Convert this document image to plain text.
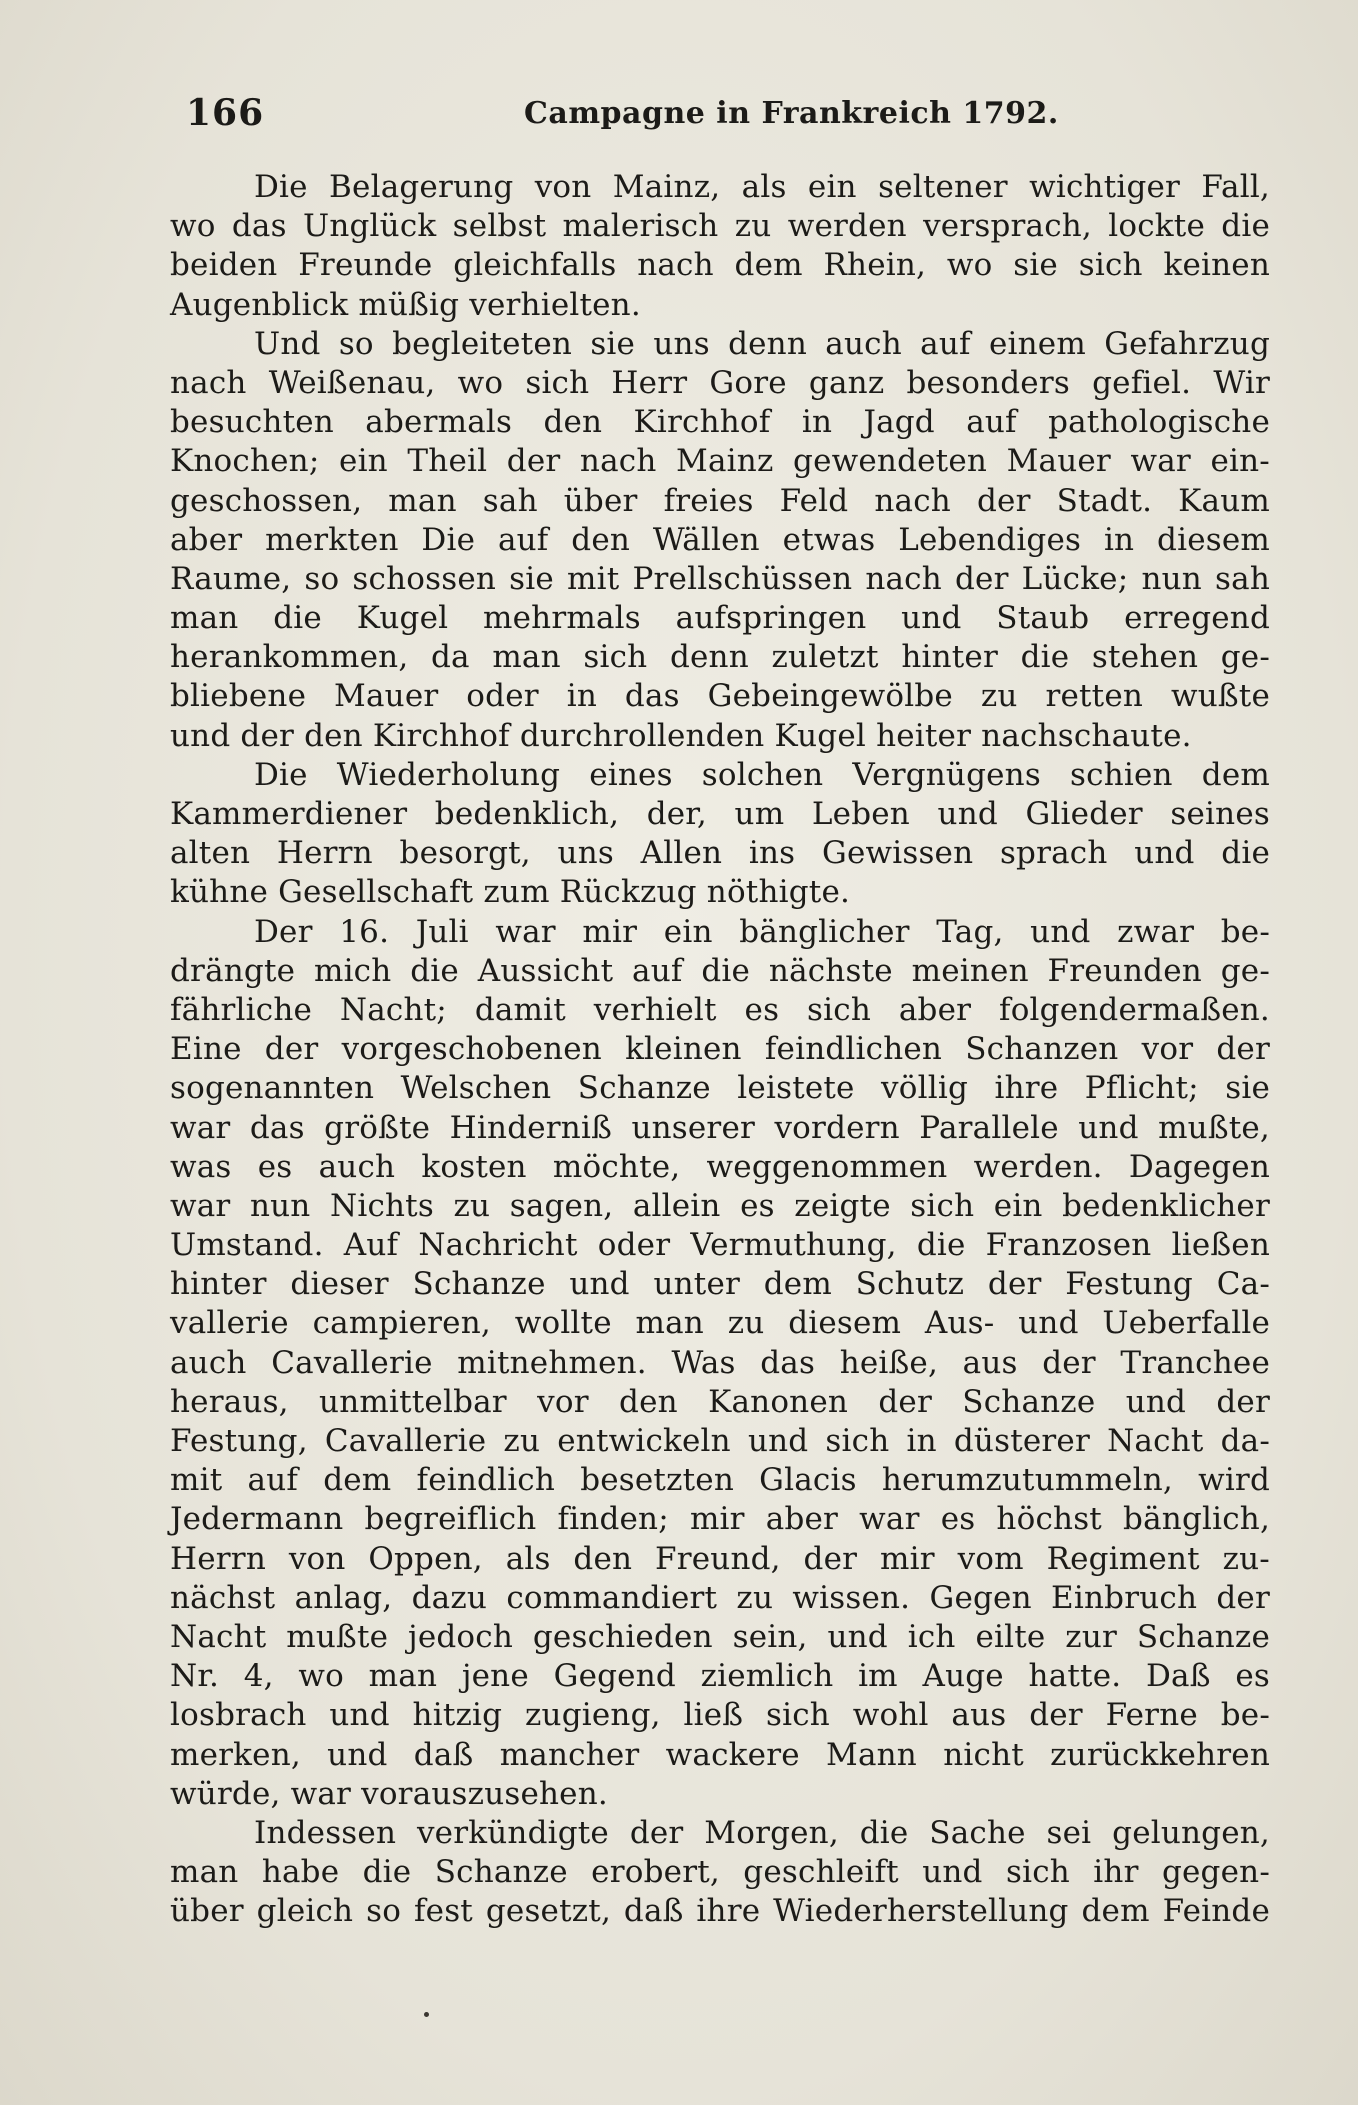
166	Campagne in Frankreich 1792.
Die Belagerung von Mainz, als ein seltener wichtiger Fall,
wo das Unglück selbst malerisch zu werden versprach, lockte die
beiden Freunde gleichfalls nach dem Rhein, wo sie sich keinen
Augenblick müßig verhielten.
Und so begleiteten sie uns denn auch auf einem Gefahrzug
nach Weißenau, wo sich Herr Gore ganz besonders gefiel. Wir
besuchten abermals den Kirchhof in Jagd auf pathologische
Knochen; ein Theil der nach Mainz gewendeten Mauer war ein-
geschossen, man sah über freies Feld nach der Stadt. Kaum
aber merkten Die auf den Wällen etwas Lebendiges in diesem
Raume, so schossen sie mit Prellschüssen nach der Lücke; nun sah
man die Kugel mehrmals aufspringen und Staub erregend
herankommen, da man sich denn zuletzt hinter die stehen ge-
bliebene Mauer oder in das Gebeingewölbe zu retten wußte
und der den Kirchhof durchrollenden Kugel heiter nachschaute.
Die Wiederholung eines solchen Vergnügens schien dem
Kammerdiener bedenklich, der, um Leben und Glieder seines
alten Herrn besorgt, uns Allen ins Gewissen sprach und die
kühne Gesellschaft zum Rückzug nöthigte.
Der 16. Juli war mir ein bänglicher Tag, und zwar be-
drängte mich die Aussicht auf die nächste meinen Freunden ge-
fährliche Nacht; damit verhielt es sich aber folgendermaßen.
Eine der vorgeschobenen kleinen feindlichen Schanzen vor der
sogenannten Welschen Schanze leistete völlig ihre Pflicht; sie
war das größte Hinderniß unserer vordern Parallele und mußte,
was es auch kosten möchte, weggenommen werden. Dagegen
war nun Nichts zu sagen, allein es zeigte sich ein bedenklicher
Umstand. Auf Nachricht oder Vermuthung, die Franzosen ließen
hinter dieser Schanze und unter dem Schutz der Festung Ca-
vallerie campieren, wollte man zu diesem Aus- und Ueberfalle
auch Cavallerie mitnehmen. Was das heiße, aus der Tranchee
heraus, unmittelbar vor den Kanonen der Schanze und der
Festung, Cavallerie zu entwickeln und sich in düsterer Nacht da-
mit auf dem feindlich besetzten Glacis herumzutummeln, wird
Jedermann begreiflich finden; mir aber war es höchst bänglich,
Herrn von Oppen, als den Freund, der mir vom Regiment zu-
nächst anlag, dazu commandiert zu wissen. Gegen Einbruch der
Nacht mußte jedoch geschieden sein, und ich eilte zur Schanze
Nr. 4, wo man jene Gegend ziemlich im Auge hatte. Daß es
losbrach und hitzig zugieng, ließ sich wohl aus der Ferne be-
merken, und daß mancher wackere Mann nicht zurückkehren
würde, war vorauszusehen.
Indessen verkündigte der Morgen, die Sache sei gelungen,
man habe die Schanze erobert, geschleift und sich ihr gegen-
über gleich so fest gesetzt, daß ihre Wiederherstellung dem Feinde
